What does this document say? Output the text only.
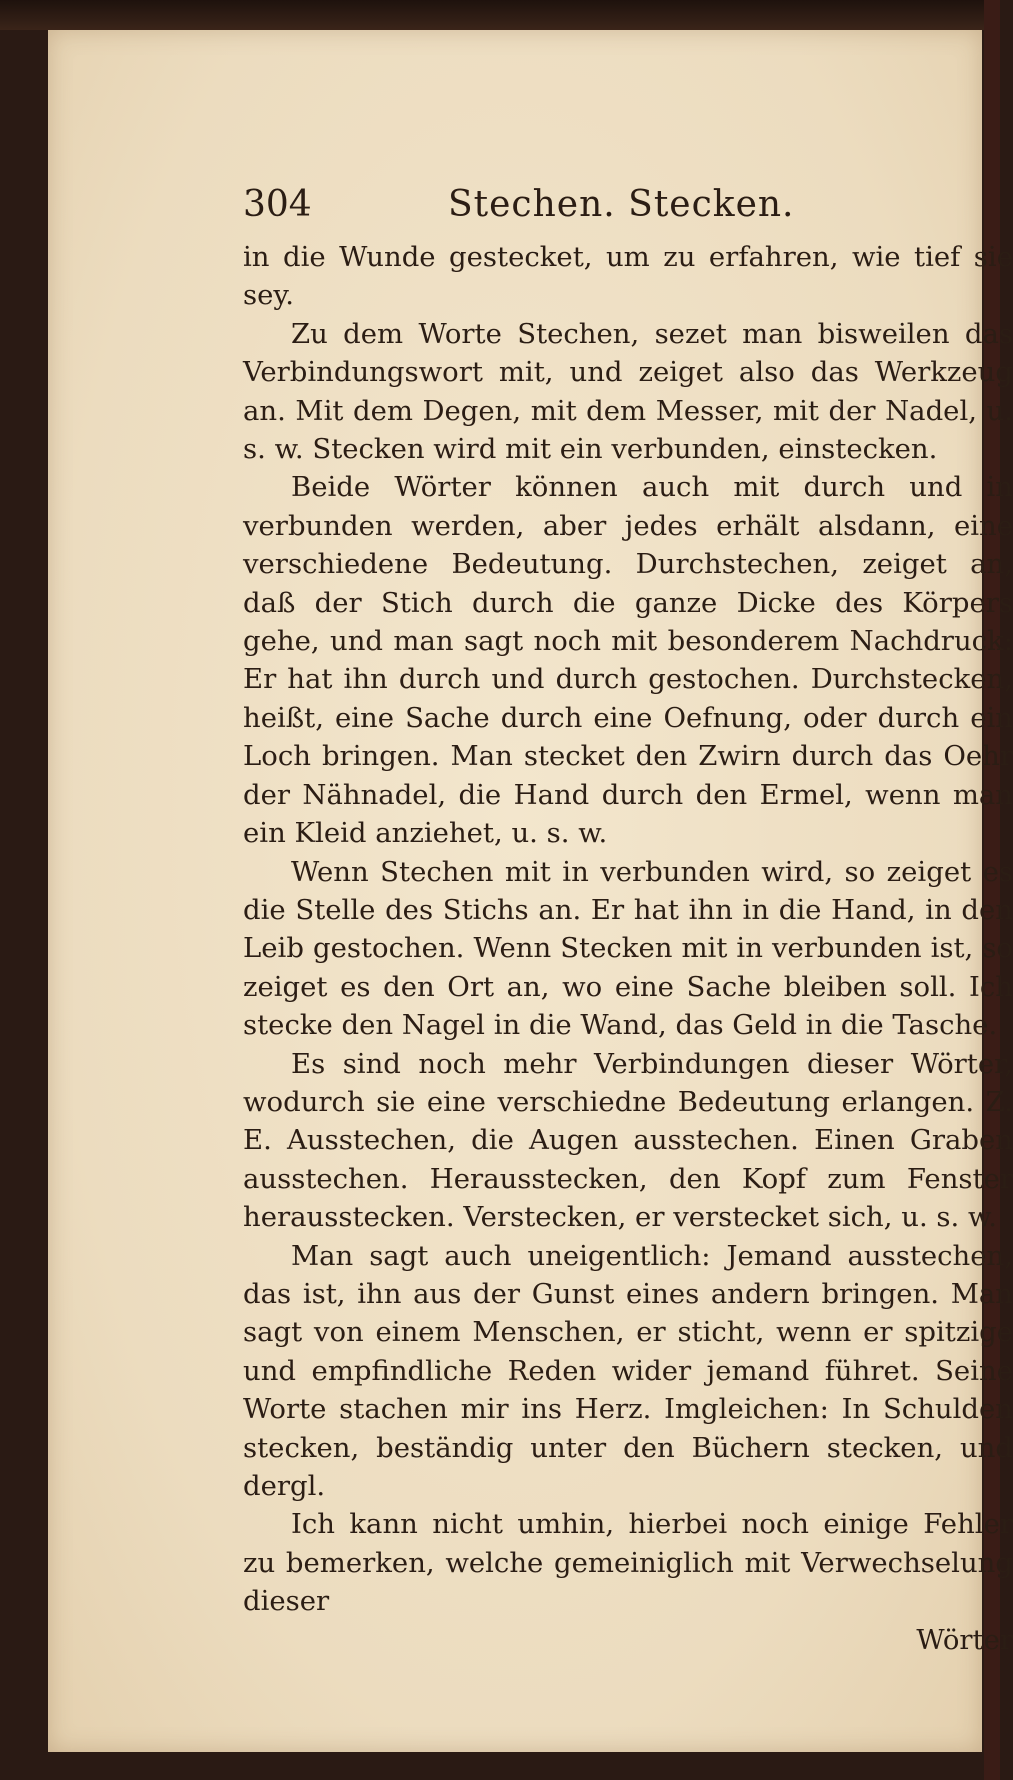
304	Stechen. Stecken.

in die Wunde gestecket, um zu erfahren, wie tief sie sey.

Zu dem Worte Stechen, sezet man bisweilen das Verbindungswort mit, und zeiget also das Werkzeug an. Mit dem Degen, mit dem Messer, mit der Nadel, u. s. w. Stecken wird mit ein verbunden, einstecken.

Beide Wörter können auch mit durch und in verbunden werden, aber jedes erhält alsdann, eine verschiedene Bedeutung. Durchstechen, zeiget an, daß der Stich durch die ganze Dicke des Körpers gehe, und man sagt noch mit besonderem Nachdruck: Er hat ihn durch und durch gestochen. Durchstecken, heißt, eine Sache durch eine Oefnung, oder durch ein Loch bringen. Man stecket den Zwirn durch das Oehr der Nähnadel, die Hand durch den Ermel, wenn man ein Kleid anziehet, u. s. w.

Wenn Stechen mit in verbunden wird, so zeiget es die Stelle des Stichs an. Er hat ihn in die Hand, in den Leib gestochen. Wenn Stecken mit in verbunden ist, so zeiget es den Ort an, wo eine Sache bleiben soll. Ich stecke den Nagel in die Wand, das Geld in die Tasche.

Es sind noch mehr Verbindungen dieser Wörter, wodurch sie eine verschiedne Bedeutung erlangen. Z. E. Ausstechen, die Augen ausstechen. Einen Graben ausstechen. Herausstecken, den Kopf zum Fenster herausstecken. Verstecken, er verstecket sich, u. s. w.

Man sagt auch uneigentlich: Jemand ausstechen, das ist, ihn aus der Gunst eines andern bringen. Man sagt von einem Menschen, er sticht, wenn er spitzige und empfindliche Reden wider jemand führet. Seine Worte stachen mir ins Herz. Imgleichen: In Schulden stecken, beständig unter den Büchern stecken, und dergl.

Ich kann nicht umhin, hierbei noch einige Fehler zu bemerken, welche gemeiniglich mit Verwechselung dieser

Wörter
